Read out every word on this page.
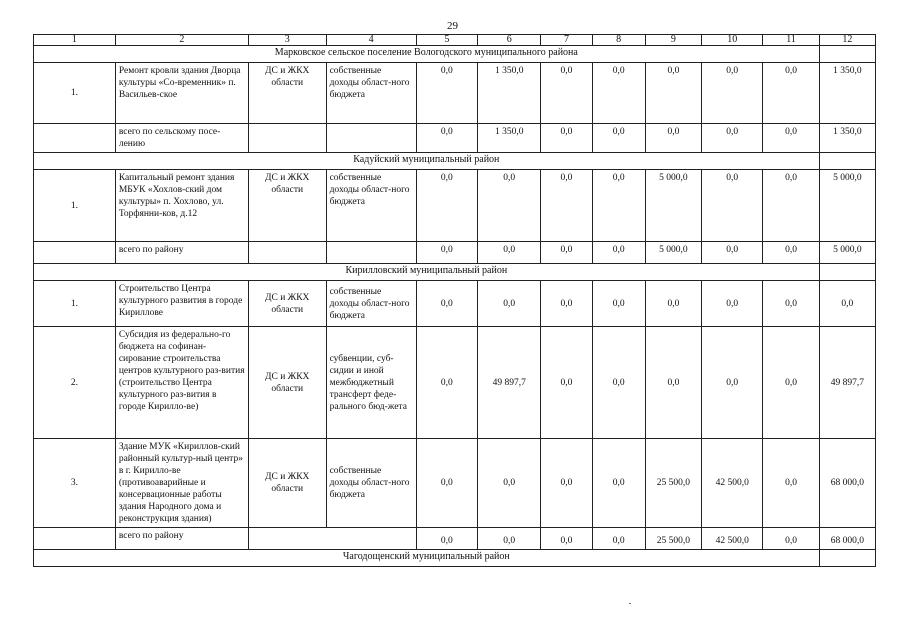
29
1	2	3	4	5	6	7	8	9	10	11	12
Марковское сельское поселение Вологодского муниципального района											
1.	Ремонт кровли здания Дворца культуры «Со-временник» п. Васильев-ское	ДС и ЖКХ области	собственные доходы област-ного бюджета	0,0	1 350,0	0,0	0,0	0,0	0,0	0,0	1 350,0
	всего по сельскому посе-лению			0,0	1 350,0	0,0	0,0	0,0	0,0	0,0	1 350,0
Кадуйский муниципальный район											
1.	Капитальный ремонт здания МБУК «Хохлов-ский дом культуры» п. Хохлово, ул. Торфянни-ков, д.12	ДС и ЖКХ области	собственные доходы област-ного бюджета	0,0	0,0	0,0	0,0	5 000,0	0,0	0,0	5 000,0
	всего по району			0,0	0,0	0,0	0,0	5 000,0	0,0	0,0	5 000,0
Кирилловский муниципальный район											
1.	Строительство Центра культурного развития в городе Кириллове	ДС и ЖКХ области	собственные доходы област-ного бюджета	0,0	0,0	0,0	0,0	0,0	0,0	0,0	0,0
2.	Субсидия из федерально-го бюджета на софинан-сирование строительства центров культурного раз-вития (строительство Центра культурного раз-вития в городе Кирилло-ве)	ДС и ЖКХ области	субвенции, суб-сидии и иной межбюджетный трансферт феде-рального бюд-жета	0,0	49 897,7	0,0	0,0	0,0	0,0	0,0	49 897,7
3.	Здание МУК «Кириллов-ский районный культур-ный центр» в г. Кирилло-ве (противоаварийные и консервационные работы здания Народного дома и реконструкция здания)	ДС и ЖКХ области	собственные доходы област-ного бюджета	0,0	0,0	0,0	0,0	25 500,0	42 500,0	0,0	68 000,0
	всего по району			0,0	0,0	0,0	0,0	25 500,0	42 500,0	0,0	68 000,0
Чагодощенский муниципальный район											
